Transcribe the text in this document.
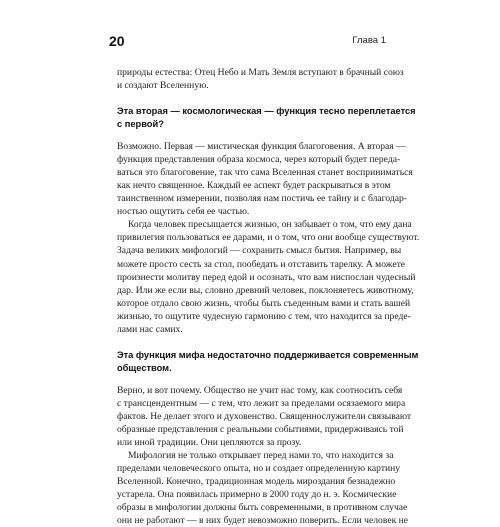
20	Глава 1
природы естества: Отец Небо и Мать Земля вступают в брачный союз
и создают Вселенную.
Эта вторая — космологическая — функция тесно переплетается
с первой?
Возможно. Первая — мистическая функция благоговения. А вторая —
функция представления образа космоса, через который будет переда-
ваться это благоговение, так что сама Вселенная станет восприниматься
как нечто священное. Каждый ее аспект будет раскрываться в этом
таинственном измерении, позволяя нам постичь ее тайну и с благодар-
ностью ощутить себя ее частью.
Когда человек пресыщается жизнью, он забывает о том, что ему дана
привилегия пользоваться ее дарами, и о том, что они вообще существуют.
Задача великих мифологий — сохранить смысл бытия. Например, вы
можете просто сесть за стол, пообедать и отставить тарелку. А можете
произнести молитву перед едой и осознать, что вам ниспослан чудесный
дар. Или же если вы, словно древний человек, поклоняетесь животному,
которое отдало свою жизнь, чтобы быть съеденным вами и стать вашей
жизнью, то ощутите чудесную гармонию с тем, что находится за преде-
лами нас самих.
Эта функция мифа недостаточно поддерживается современным
обществом.
Верно, и вот почему. Общество не учит нас тому, как соотносить себя
с трансцендентным — с тем, что лежит за пределами осязаемого мира
фактов. Не делает этого и духовенство. Священнослужители связывают
образные представления с реальными событиями, придерживаясь той
или иной традиции. Они цепляются за прозу.
Мифология не только открывает перед нами то, что находится за
пределами человеческого опыта, но и создает определенную картину
Вселенной. Конечно, традиционная модель мироздания безнадежно
устарела. Она появилась примерно в 2000 году до н. э. Космические
образы в мифологии должны быть современными, в противном случае
они не работают — в них будет невозможно поверить. Если человек не
